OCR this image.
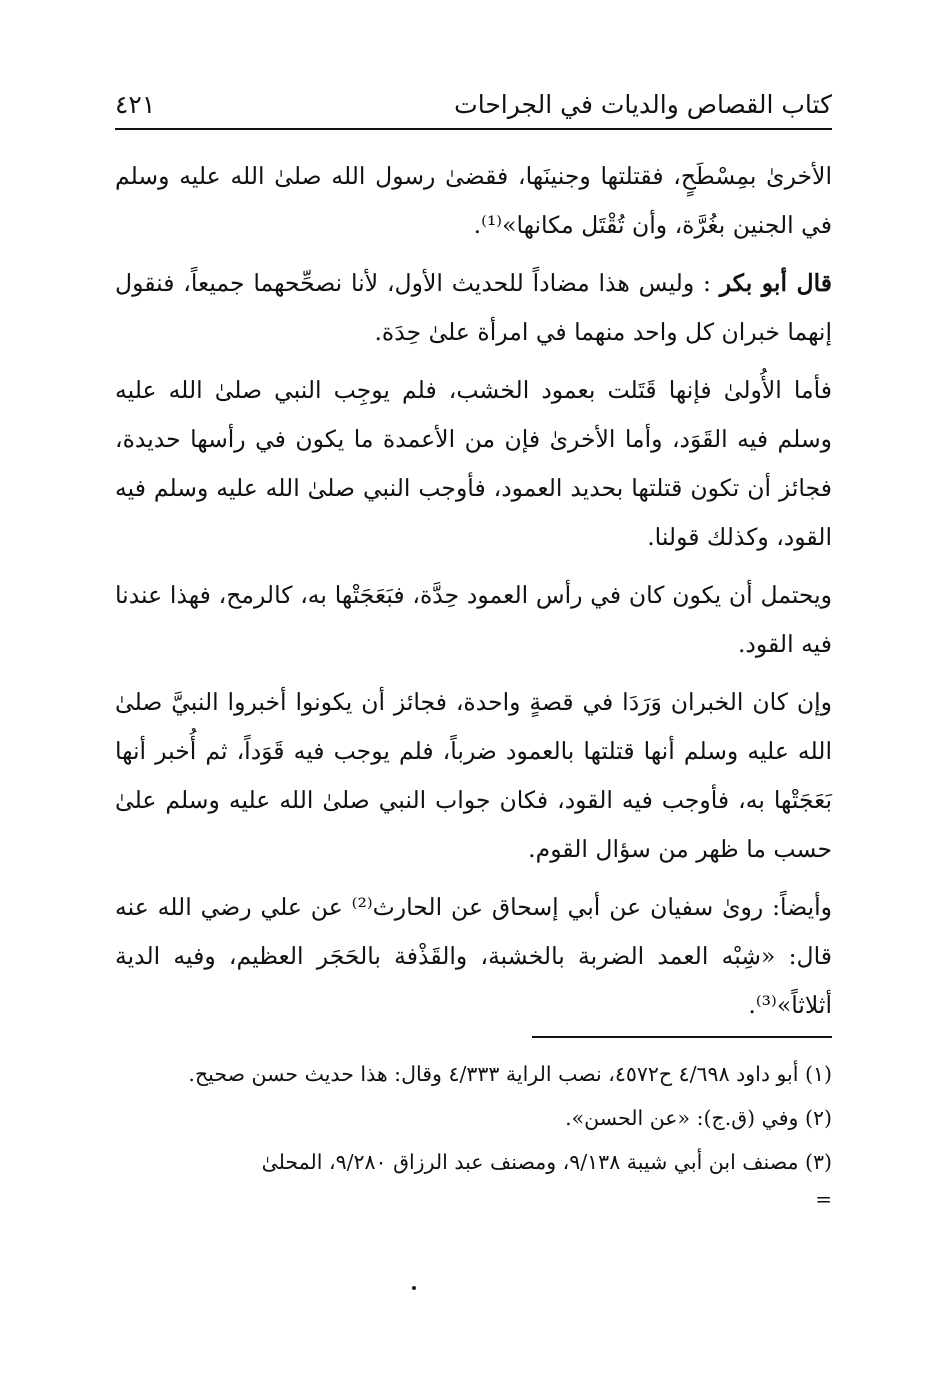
كتاب القصاص والديات في الجراحات
٤٢١

الأخرىٰ بمِسْطَحٍ، فقتلتها وجنينَها، فقضىٰ رسول الله صلىٰ الله عليه وسلم في الجنين بغُرَّة، وأن تُقْتَل مكانها»⁽¹⁾.

قال أبو بكر : وليس هذا مضاداً للحديث الأول، لأنا نصحِّحهما جميعاً، فنقول إنهما خبران كل واحد منهما في امرأة علىٰ حِدَة.

فأما الأُولىٰ فإنها قَتَلت بعمود الخشب، فلم يوجِب النبي صلىٰ الله عليه وسلم فيه القَوَد، وأما الأخرىٰ فإن من الأعمدة ما يكون في رأسها حديدة، فجائز أن تكون قتلتها بحديد العمود، فأوجب النبي صلىٰ الله عليه وسلم فيه القود، وكذلك قولنا.

ويحتمل أن يكون كان في رأس العمود حِدَّة، فبَعَجَتْها به، كالرمح، فهذا عندنا فيه القود.

وإن كان الخبران وَرَدَا في قصةٍ واحدة، فجائز أن يكونوا أخبروا النبيَّ صلىٰ الله عليه وسلم أنها قتلتها بالعمود ضرباً، فلم يوجب فيه قَوَداً، ثم أُخبر أنها بَعَجَتْها به، فأوجب فيه القود، فكان جواب النبي صلىٰ الله عليه وسلم علىٰ حسب ما ظهر من سؤال القوم.

وأيضاً: روىٰ سفيان عن أبي إسحاق عن الحارث⁽²⁾ عن علي رضي الله عنه قال: «شِبْه العمد الضربة بالخشبة، والقَذْفة بالحَجَر العظيم، وفيه الدية أثلاثاً»⁽³⁾.

(١) أبو داود ٤/٦٩٨ ح٤٥٧٢، نصب الراية ٤/٣٣٣ وقال: هذا حديث حسن صحيح.

(٢) وفي (ق.ج): «عن الحسن».

(٣) مصنف ابن أبي شيبة ٩/١٣٨، ومصنف عبد الرزاق ٩/٢٨٠، المحلىٰ

=
